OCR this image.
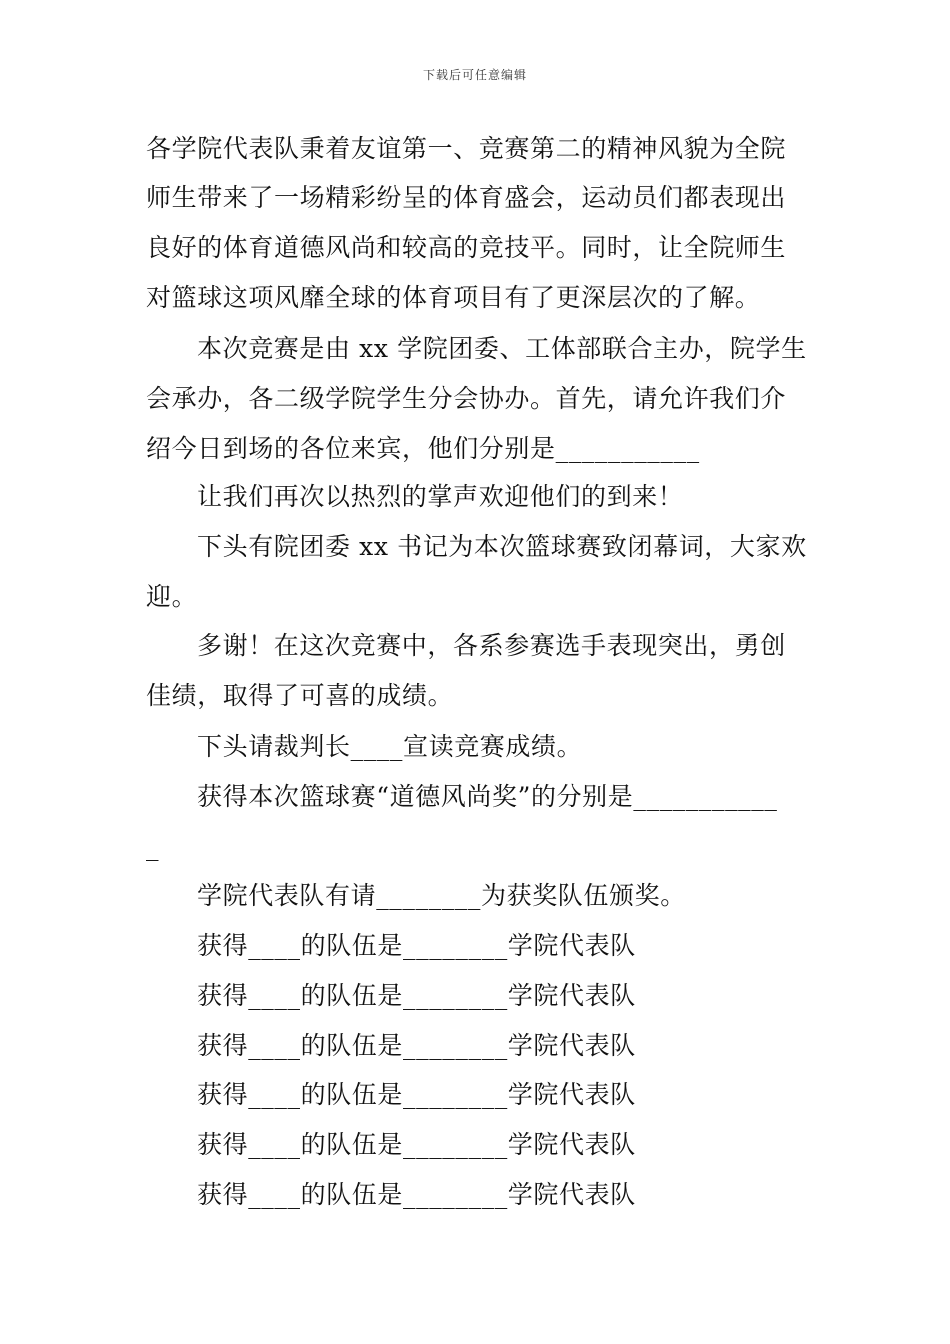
下载后可任意编辑
各学院代表队秉着友谊第一、竞赛第二的精神风貌为全院
师生带来了一场精彩纷呈的体育盛会，运动员们都表现出
良好的体育道德风尚和较高的竞技平。同时，让全院师生
对篮球这项风靡全球的体育项目有了更深层次的了解。
本次竞赛是由 xx 学院团委、工体部联合主办，院学生
会承办，各二级学院学生分会协办。首先，请允许我们介
绍今日到场的各位来宾，他们分别是___________
让我们再次以热烈的掌声欢迎他们的到来！
下头有院团委 xx 书记为本次篮球赛致闭幕词，大家欢
迎。
多谢！在这次竞赛中，各系参赛选手表现突出，勇创
佳绩，取得了可喜的成绩。
下头请裁判长____宣读竞赛成绩。
获得本次篮球赛“道德风尚奖”的分别是___________
_
学院代表队有请________为获奖队伍颁奖。
获得____的队伍是________学院代表队
获得____的队伍是________学院代表队
获得____的队伍是________学院代表队
获得____的队伍是________学院代表队
获得____的队伍是________学院代表队
获得____的队伍是________学院代表队
